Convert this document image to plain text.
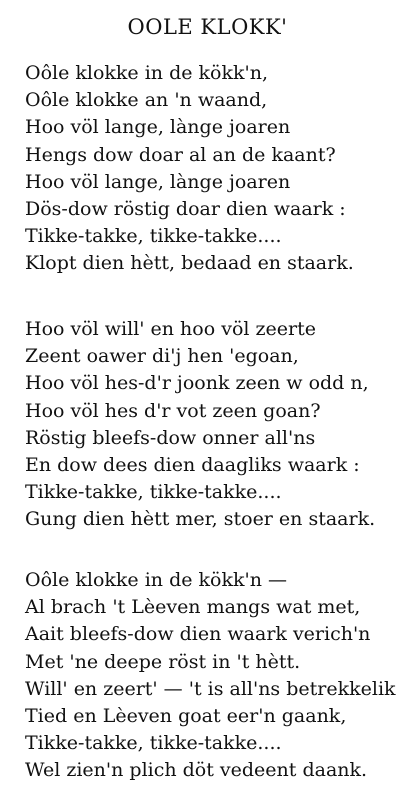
OOLE KLOKK'
Oôle klokke in de kökk'n,
Oôle klokke an 'n waand,
Hoo völ lange, lànge joaren
Hengs dow doar al an de kaant?
Hoo völ lange, lànge joaren
Dös-dow röstig doar dien waark :
Tikke-takke, tikke-takke....
Klopt dien hètt, bedaad en staark.
Hoo völ will' en hoo völ zeerte
Zeent oawer di'j hen 'egoan,
Hoo völ hes-d'r joonk zeen w odd n,
Hoo völ hes d'r vot zeen goan?
Röstig bleefs-dow onner all'ns
En dow dees dien daagliks waark :
Tikke-takke, tikke-takke....
Gung dien hètt mer, stoer en staark.
Oôle klokke in de kökk'n —
Al brach 't Lèeven mangs wat met,
Aait bleefs-dow dien waark verich'n
Met 'ne deepe röst in 't hètt.
Will' en zeert' — 't is all'ns betrekkelik
Tied en Lèeven goat eer'n gaank,
Tikke-takke, tikke-takke....
Wel zien'n plich döt vedeent daank.
